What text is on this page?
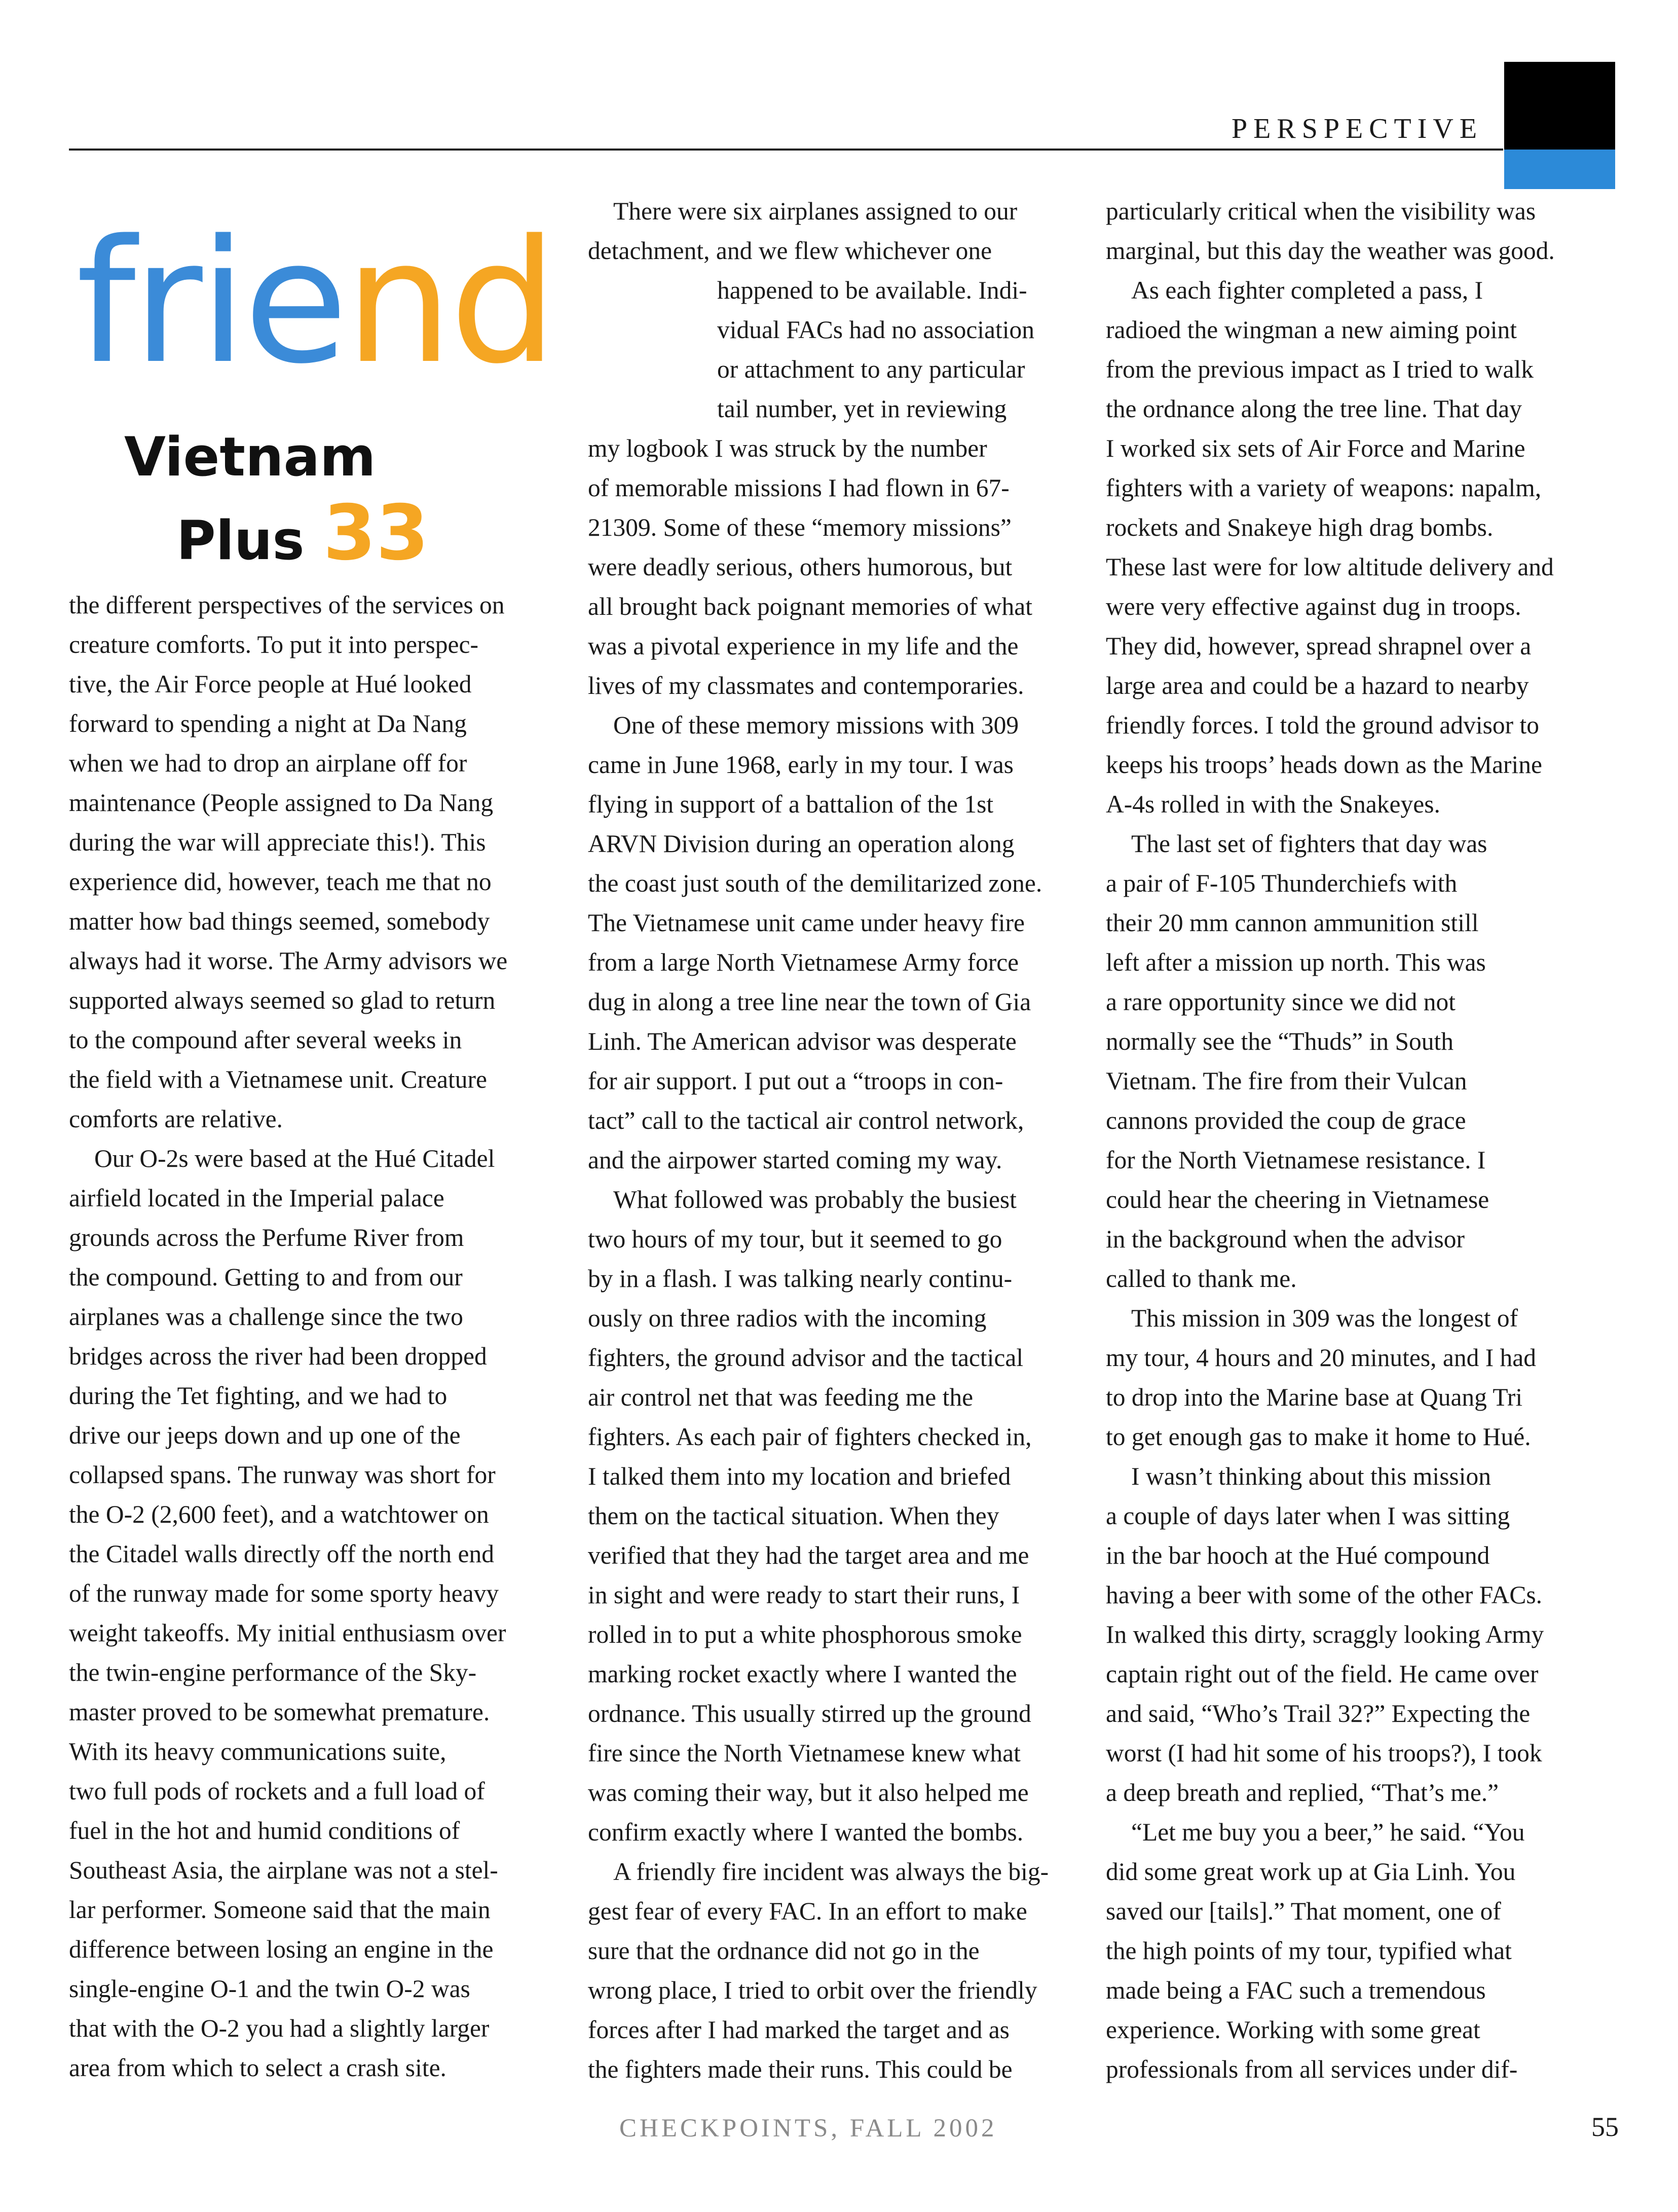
PERSPECTIVE
friend
Vietnam
Plus 33
the different perspectives of the services on
creature comforts. To put it into perspec-
tive, the Air Force people at Hué looked
forward to spending a night at Da Nang
when we had to drop an airplane off for
maintenance (People assigned to Da Nang
during the war will appreciate this!). This
experience did, however, teach me that no
matter how bad things seemed, somebody
always had it worse. The Army advisors we
supported always seemed so glad to return
to the compound after several weeks in
the field with a Vietnamese unit. Creature
comforts are relative.
Our O-2s were based at the Hué Citadel
airfield located in the Imperial palace
grounds across the Perfume River from
the compound. Getting to and from our
airplanes was a challenge since the two
bridges across the river had been dropped
during the Tet fighting, and we had to
drive our jeeps down and up one of the
collapsed spans. The runway was short for
the O-2 (2,600 feet), and a watchtower on
the Citadel walls directly off the north end
of the runway made for some sporty heavy
weight takeoffs. My initial enthusiasm over
the twin-engine performance of the Sky-
master proved to be somewhat premature.
With its heavy communications suite,
two full pods of rockets and a full load of
fuel in the hot and humid conditions of
Southeast Asia, the airplane was not a stel-
lar performer. Someone said that the main
difference between losing an engine in the
single-engine O-1 and the twin O-2 was
that with the O-2 you had a slightly larger
area from which to select a crash site.
There were six airplanes assigned to our
detachment, and we flew whichever one
happened to be available. Indi-
vidual FACs had no association
or attachment to any particular
tail number, yet in reviewing
my logbook I was struck by the number
of memorable missions I had flown in 67-
21309. Some of these “memory missions”
were deadly serious, others humorous, but
all brought back poignant memories of what
was a pivotal experience in my life and the
lives of my classmates and contemporaries.
One of these memory missions with 309
came in June 1968, early in my tour. I was
flying in support of a battalion of the 1st
ARVN Division during an operation along
the coast just south of the demilitarized zone.
The Vietnamese unit came under heavy fire
from a large North Vietnamese Army force
dug in along a tree line near the town of Gia
Linh. The American advisor was desperate
for air support. I put out a “troops in con-
tact” call to the tactical air control network,
and the airpower started coming my way.
What followed was probably the busiest
two hours of my tour, but it seemed to go
by in a flash. I was talking nearly continu-
ously on three radios with the incoming
fighters, the ground advisor and the tactical
air control net that was feeding me the
fighters. As each pair of fighters checked in,
I talked them into my location and briefed
them on the tactical situation. When they
verified that they had the target area and me
in sight and were ready to start their runs, I
rolled in to put a white phosphorous smoke
marking rocket exactly where I wanted the
ordnance. This usually stirred up the ground
fire since the North Vietnamese knew what
was coming their way, but it also helped me
confirm exactly where I wanted the bombs.
A friendly fire incident was always the big-
gest fear of every FAC. In an effort to make
sure that the ordnance did not go in the
wrong place, I tried to orbit over the friendly
forces after I had marked the target and as
the fighters made their runs. This could be
particularly critical when the visibility was
marginal, but this day the weather was good.
As each fighter completed a pass, I
radioed the wingman a new aiming point
from the previous impact as I tried to walk
the ordnance along the tree line. That day
I worked six sets of Air Force and Marine
fighters with a variety of weapons: napalm,
rockets and Snakeye high drag bombs.
These last were for low altitude delivery and
were very effective against dug in troops.
They did, however, spread shrapnel over a
large area and could be a hazard to nearby
friendly forces. I told the ground advisor to
keeps his troops’ heads down as the Marine
A-4s rolled in with the Snakeyes.
The last set of fighters that day was
a pair of F-105 Thunderchiefs with
their 20 mm cannon ammunition still
left after a mission up north. This was
a rare opportunity since we did not
normally see the “Thuds” in South
Vietnam. The fire from their Vulcan
cannons provided the coup de grace
for the North Vietnamese resistance. I
could hear the cheering in Vietnamese
in the background when the advisor
called to thank me.
This mission in 309 was the longest of
my tour, 4 hours and 20 minutes, and I had
to drop into the Marine base at Quang Tri
to get enough gas to make it home to Hué.
I wasn’t thinking about this mission
a couple of days later when I was sitting
in the bar hooch at the Hué compound
having a beer with some of the other FACs.
In walked this dirty, scraggly looking Army
captain right out of the field. He came over
and said, “Who’s Trail 32?” Expecting the
worst (I had hit some of his troops?), I took
a deep breath and replied, “That’s me.”
“Let me buy you a beer,” he said. “You
did some great work up at Gia Linh. You
saved our [tails].” That moment, one of
the high points of my tour, typified what
made being a FAC such a tremendous
experience. Working with some great
professionals from all services under dif-
CHECKPOINTS, FALL 2002	55
